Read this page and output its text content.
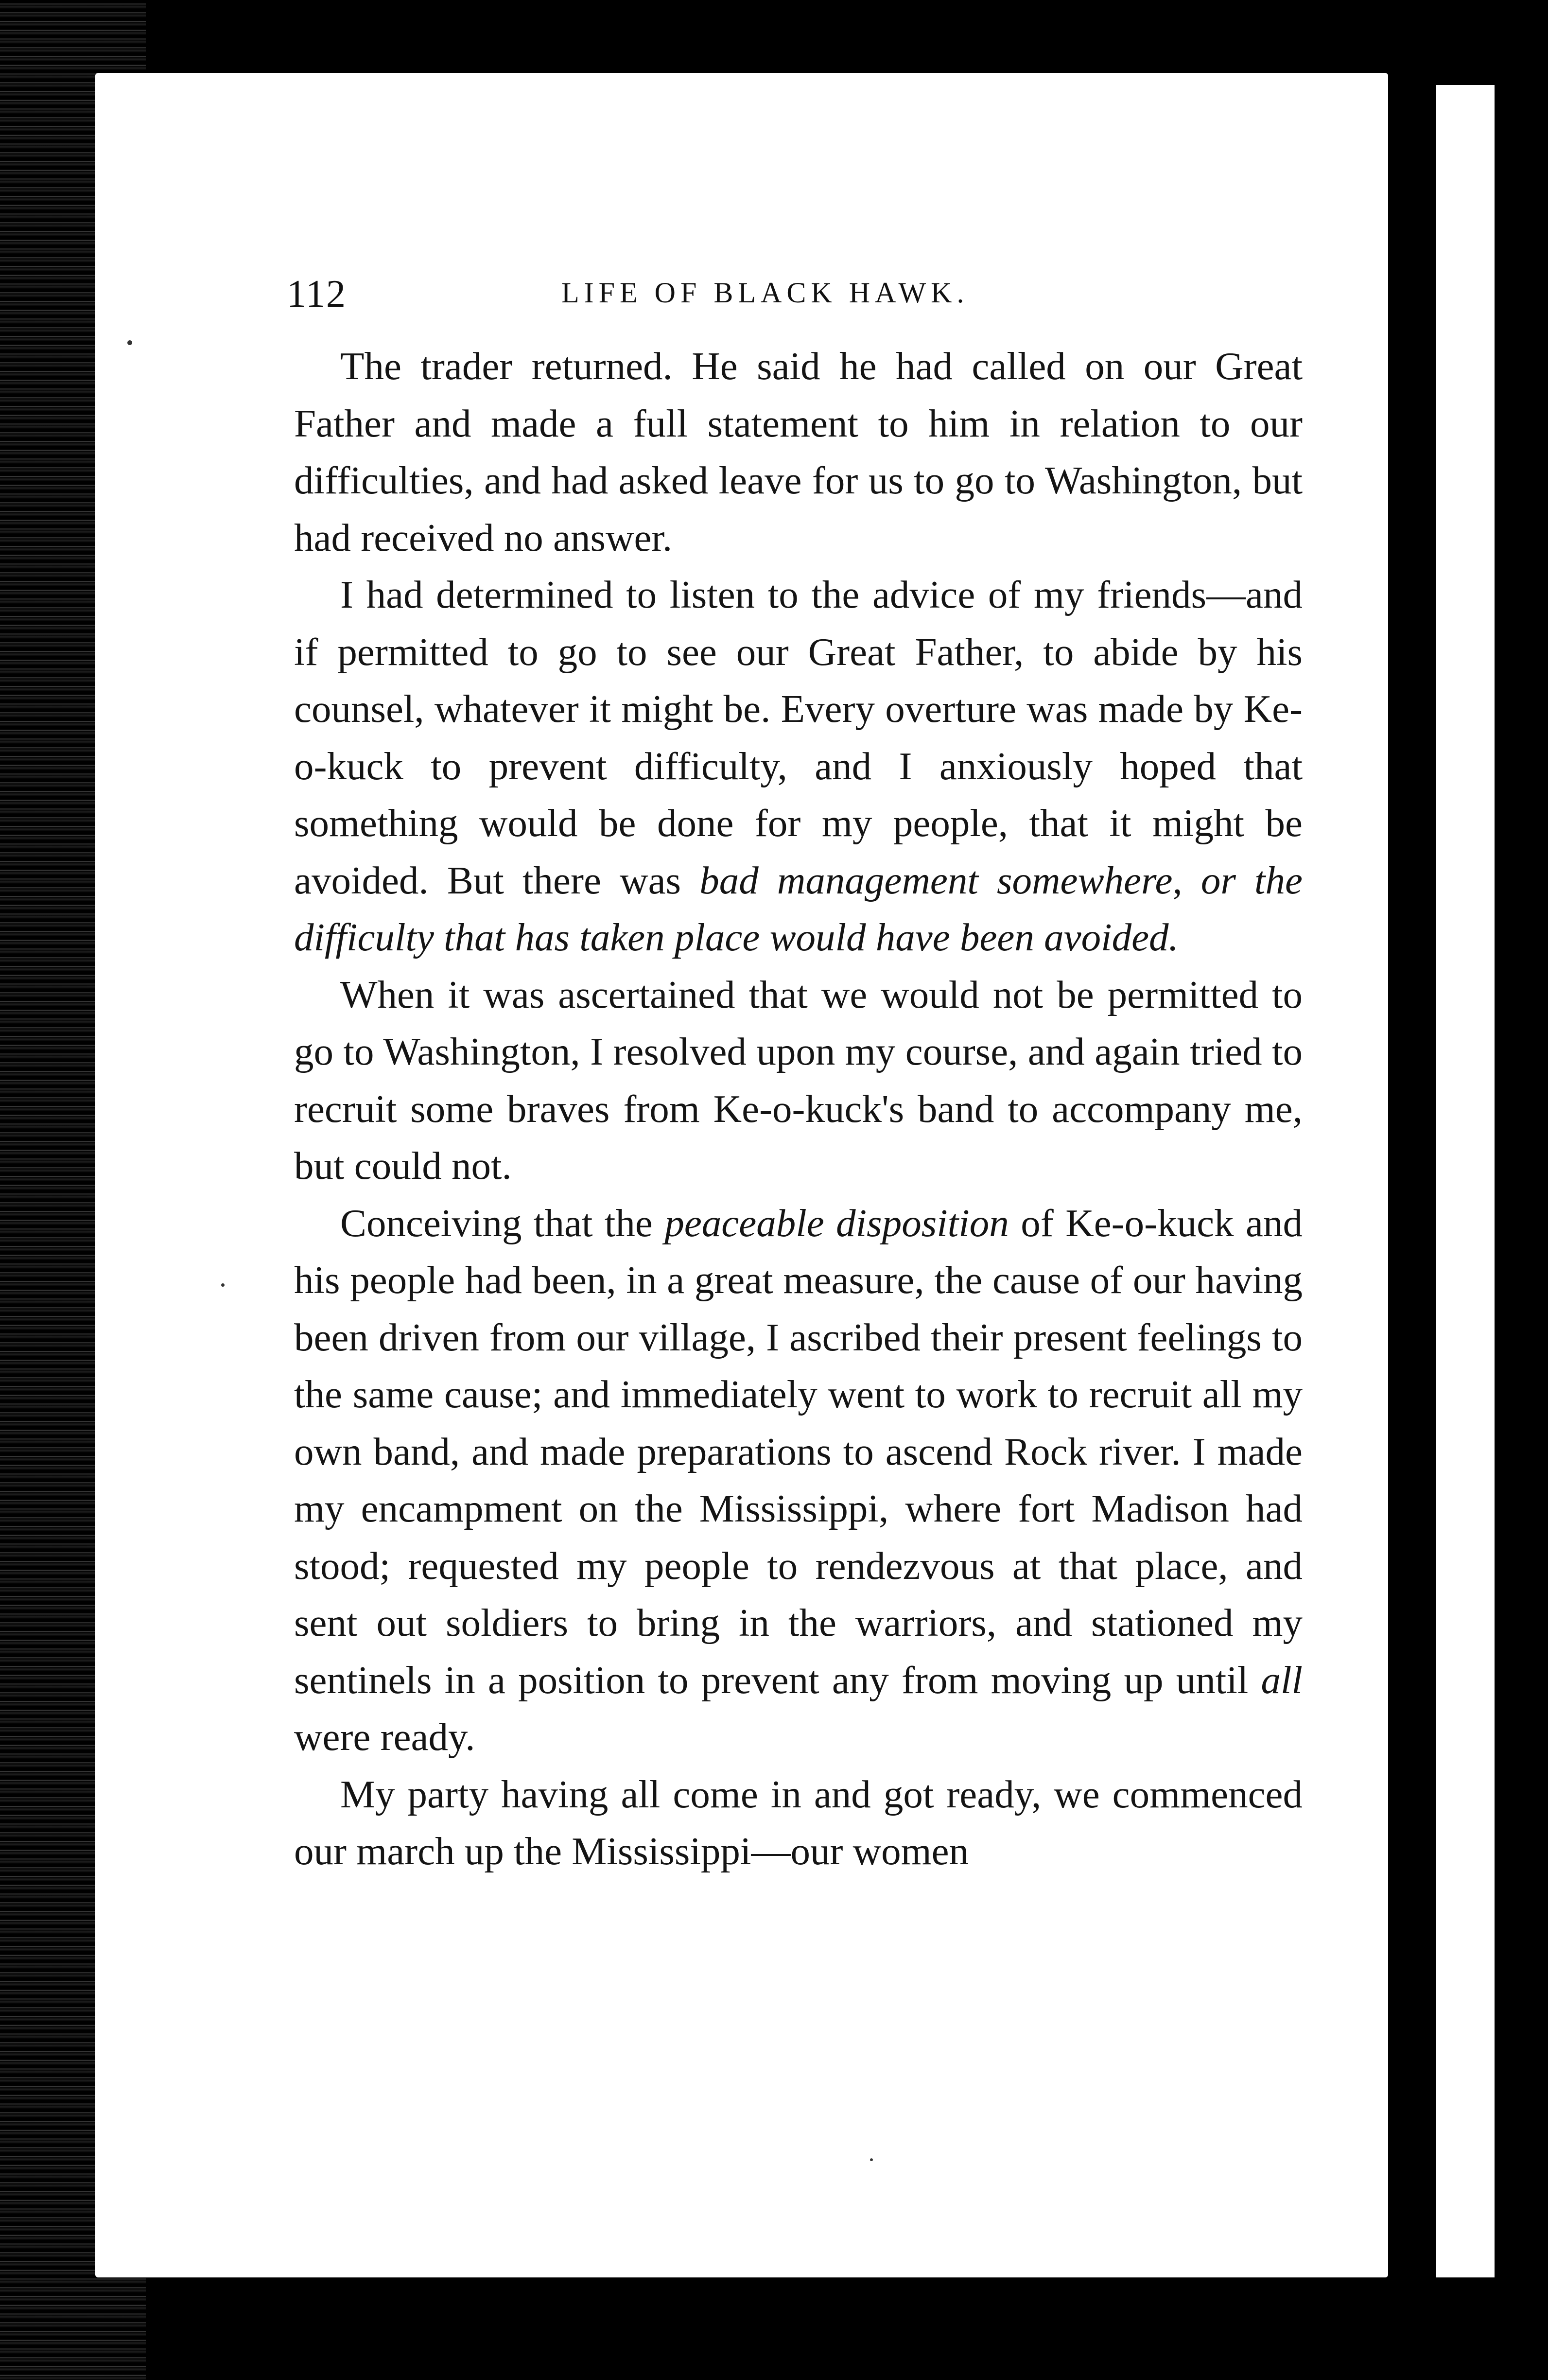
112	LIFE OF BLACK HAWK.

The trader returned. He said he had called on our Great Father and made a full statement to him in relation to our difficulties, and had asked leave for us to go to Washington, but had received no answer.

I had determined to listen to the advice of my friends—and if permitted to go to see our Great Father, to abide by his counsel, whatever it might be. Every overture was made by Ke-o-kuck to prevent difficulty, and I anxiously hoped that something would be done for my people, that it might be avoided. But there was bad management somewhere, or the difficulty that has taken place would have been avoided.

When it was ascertained that we would not be permitted to go to Washington, I resolved upon my course, and again tried to recruit some braves from Ke-o-kuck's band to accompany me, but could not.

Conceiving that the peaceable disposition of Ke-o-kuck and his people had been, in a great measure, the cause of our having been driven from our village, I ascribed their present feelings to the same cause; and immediately went to work to recruit all my own band, and made preparations to ascend Rock river. I made my encampment on the Mississippi, where fort Madison had stood; requested my people to rendezvous at that place, and sent out soldiers to bring in the warriors, and stationed my sentinels in a position to prevent any from moving up until all were ready.

My party having all come in and got ready, we commenced our march up the Mississippi—our women
